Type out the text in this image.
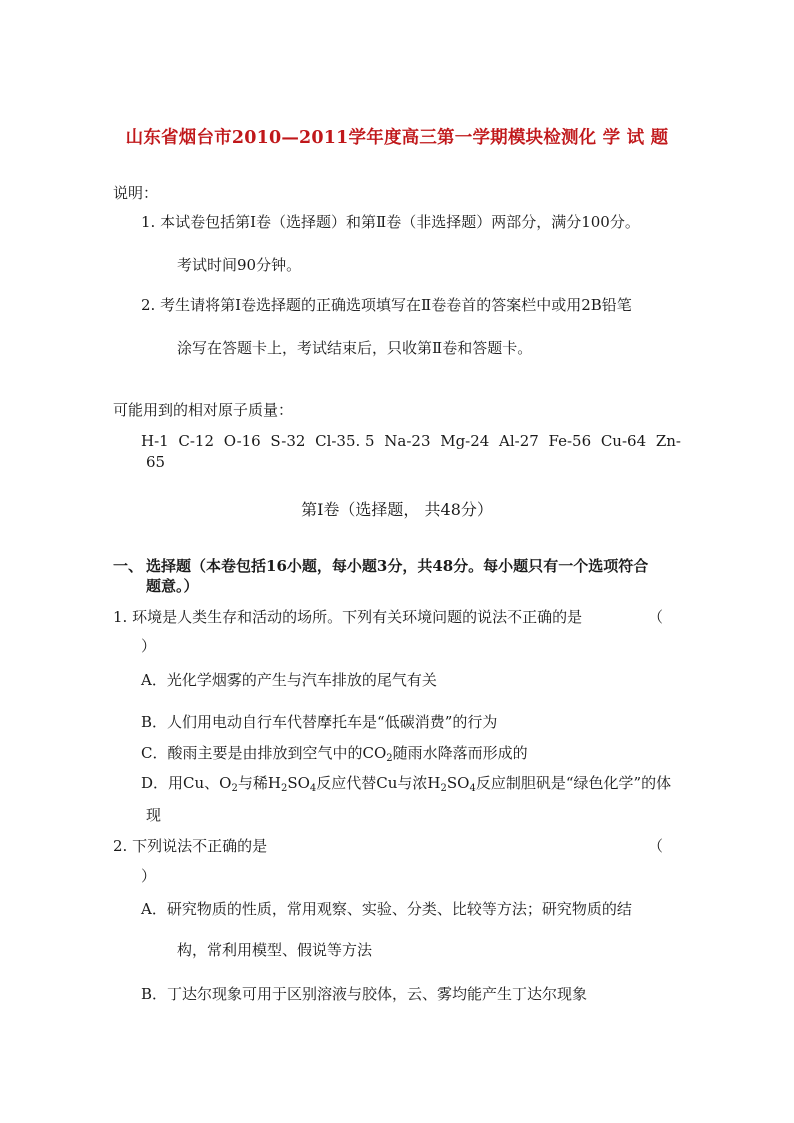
山东省烟台市2010—2011学年度高三第一学期模块检测化 学 试 题
说明：
1. 本试卷包括第Ⅰ卷（选择题）和第Ⅱ卷（非选择题）两部分，满分100分。
考试时间90分钟。
2. 考生请将第Ⅰ卷选择题的正确选项填写在Ⅱ卷卷首的答案栏中或用2B铅笔
涂写在答题卡上，考试结束后，只收第Ⅱ卷和答题卡。
可能用到的相对原子质量：
H-1 C-12 O-16 S-32 Cl-35. 5 Na-23 Mg-24 Al-27 Fe-56 Cu-64 Zn-
65
第Ⅰ卷（选择题， 共48分）
一、 选择题（本卷包括16小题，每小题3分，共48分。每小题只有一个选项符合
题意。）
1. 环境是人类生存和活动的场所。下列有关环境问题的说法不正确的是	（
）
A．光化学烟雾的产生与汽车排放的尾气有关
B．人们用电动自行车代替摩托车是“低碳消费”的行为
C．酸雨主要是由排放到空气中的$CO_2$随雨水降落而形成的
D．用Cu、$O_2$与稀$H_2SO_4$反应代替Cu与浓$H_2SO_4$反应制胆矾是“绿色化学”的体
现
2. 下列说法不正确的是	（
）
A．研究物质的性质，常用观察、实验、分类、比较等方法；研究物质的结
构，常利用模型、假说等方法
B．丁达尔现象可用于区别溶液与胶体，云、雾均能产生丁达尔现象
